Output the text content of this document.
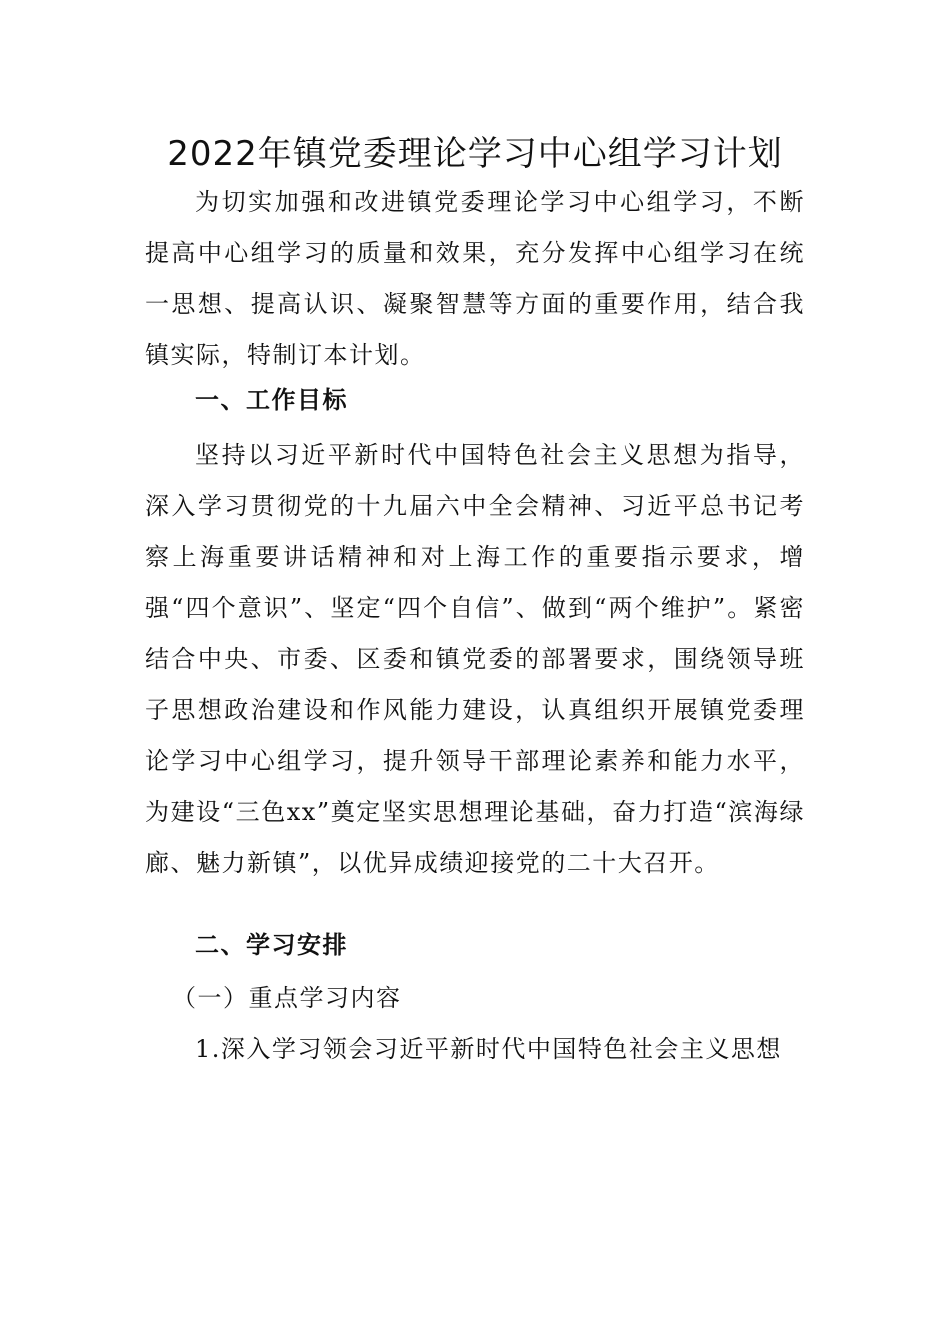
2022年镇党委理论学习中心组学习计划

为切实加强和改进镇党委理论学习中心组学习，不断提高中心组学习的质量和效果，充分发挥中心组学习在统一思想、提高认识、凝聚智慧等方面的重要作用，结合我镇实际，特制订本计划。

一、工作目标

坚持以习近平新时代中国特色社会主义思想为指导，深入学习贯彻党的十九届六中全会精神、习近平总书记考察上海重要讲话精神和对上海工作的重要指示要求，增强“四个意识”、坚定“四个自信”、做到“两个维护”。紧密结合中央、市委、区委和镇党委的部署要求，围绕领导班子思想政治建设和作风能力建设，认真组织开展镇党委理论学习中心组学习，提升领导干部理论素养和能力水平，为建设“三色xx”奠定坚实思想理论基础，奋力打造“滨海绿廊、魅力新镇”，以优异成绩迎接党的二十大召开。

二、学习安排
（一）重点学习内容
1.深入学习领会习近平新时代中国特色社会主义思想
